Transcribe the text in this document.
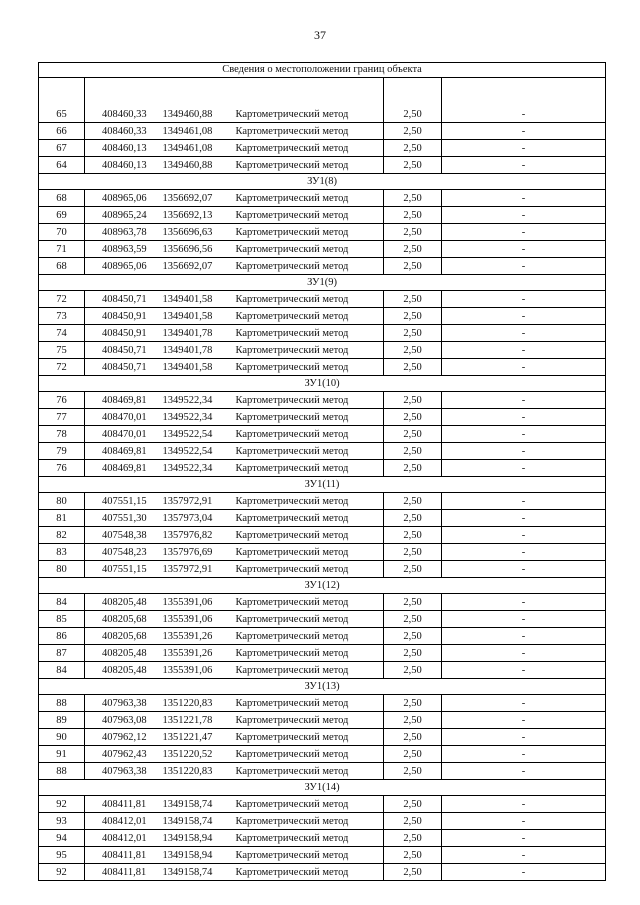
37
Сведения о местоположении границ объекта					

65	408460,33	1349460,88	Картометрический метод	2,50	-
66	408460,33	1349461,08	Картометрический метод	2,50	-
67	408460,13	1349461,08	Картометрический метод	2,50	-
64	408460,13	1349460,88	Картометрический метод	2,50	-
ЗУ1(8)					
68	408965,06	1356692,07	Картометрический метод	2,50	-
69	408965,24	1356692,13	Картометрический метод	2,50	-
70	408963,78	1356696,63	Картометрический метод	2,50	-
71	408963,59	1356696,56	Картометрический метод	2,50	-
68	408965,06	1356692,07	Картометрический метод	2,50	-
ЗУ1(9)					
72	408450,71	1349401,58	Картометрический метод	2,50	-
73	408450,91	1349401,58	Картометрический метод	2,50	-
74	408450,91	1349401,78	Картометрический метод	2,50	-
75	408450,71	1349401,78	Картометрический метод	2,50	-
72	408450,71	1349401,58	Картометрический метод	2,50	-
ЗУ1(10)					
76	408469,81	1349522,34	Картометрический метод	2,50	-
77	408470,01	1349522,34	Картометрический метод	2,50	-
78	408470,01	1349522,54	Картометрический метод	2,50	-
79	408469,81	1349522,54	Картометрический метод	2,50	-
76	408469,81	1349522,34	Картометрический метод	2,50	-
ЗУ1(11)					
80	407551,15	1357972,91	Картометрический метод	2,50	-
81	407551,30	1357973,04	Картометрический метод	2,50	-
82	407548,38	1357976,82	Картометрический метод	2,50	-
83	407548,23	1357976,69	Картометрический метод	2,50	-
80	407551,15	1357972,91	Картометрический метод	2,50	-
ЗУ1(12)					
84	408205,48	1355391,06	Картометрический метод	2,50	-
85	408205,68	1355391,06	Картометрический метод	2,50	-
86	408205,68	1355391,26	Картометрический метод	2,50	-
87	408205,48	1355391,26	Картометрический метод	2,50	-
84	408205,48	1355391,06	Картометрический метод	2,50	-
ЗУ1(13)					
88	407963,38	1351220,83	Картометрический метод	2,50	-
89	407963,08	1351221,78	Картометрический метод	2,50	-
90	407962,12	1351221,47	Картометрический метод	2,50	-
91	407962,43	1351220,52	Картометрический метод	2,50	-
88	407963,38	1351220,83	Картометрический метод	2,50	-
ЗУ1(14)					
92	408411,81	1349158,74	Картометрический метод	2,50	-
93	408412,01	1349158,74	Картометрический метод	2,50	-
94	408412,01	1349158,94	Картометрический метод	2,50	-
95	408411,81	1349158,94	Картометрический метод	2,50	-
92	408411,81	1349158,74	Картометрический метод	2,50	-
